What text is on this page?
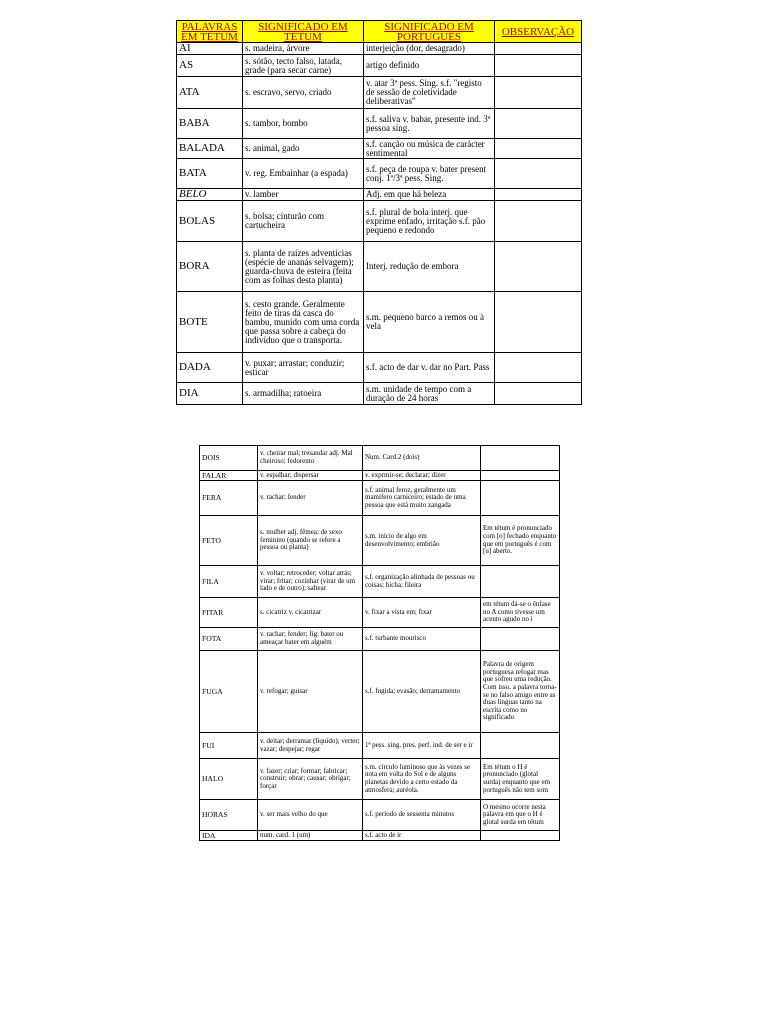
PALAVRAS EM TÉTUM	SIGNIFICADO EM TÉTUM	SIGNIFICADO EM PORTUGUÊS	OBSERVAÇÃO
AI	s. madeira, árvore	interjeição (dor, desagrado)	
AS	s. sótão, tecto falso, latada, grade (para secar carne)	artigo definido	
ATA	s. escravo, servo, criado	v. atar 3ª pess. Sing. s.f. "registo de sessão de coletividade deliberativas"	
BABA	s. tambor, bombo	s.f. saliva v. babar, presente ind. 3ª pessoa sing.	
BALADA	s. animal, gado	s.f. canção ou música de carácter sentimental	
BATA	v. reg. Embainhar (a espada)	s.f. peça de roupa v. bater present conj. 1ª/3ª pess. Sing.	
BELO	v. lamber	Adj. em que há beleza	
BOLAS	s. bolsa; cinturão com cartucheira	s.f. plural de bola interj. que exprime enfado, irritação s.f. pão pequeno e redondo	
BORA	s. planta de raízes adventícias (espécie de ananás selvagem); guarda-chuva de esteira (feita com as folhas desta planta)	Interj. redução de embora	
BOTE	s. cesto grande. Geralmente feito de tiras da casca do bambu, munido com uma corda que passa sobre a cabeça do indivíduo que o transporta.	s.m. pequeno barco a remos ou à vela	
DADA	v. puxar; arrastar; conduzir; esticar	s.f. acto de dar v. dar no Part. Pass	
DIA	s. armadilha; ratoeira	s.m. unidade de tempo com a duração de 24 horas	
DOIS	v. cheirar mal; tresandar adj. Mal cheiroso; fedorento	Num. Card.2 (dois)	
FALAR	v. espalhar; dispersar	v. exprmir-se; declarar; dizer	
FERA	v. rachar; fender	s.f. animal feroz, geralmente um mamífero carniceiro; estado de uma pessoa que está muito zangada	
FETO	s. mulher adj. fêmea; de sexo feminino (quando se refere a pessoa ou planta)	s.m. início de algo em desenvolvimento; embrião	Em tétum é pronunciado com [o] fechado enquanto que em português é com [u] aberto.
FILA	v. voltar; retroceder; voltar atrás; virar; fritar; cozinhar (virar de um lado e de outro); saltear	s.f. organização alinhada de pessoas ou coisas; bicha; fileira	
FITAR	s. cicatriz v. cicatrizar	v. fixar a vista em; fixar	em tétum dá-se o ênfase no A como tivesse um acento agudo no i
FOTA	v. rachar; fender; fig. bater ou ameaçar bater em alguém	s.f. turbante mourisco	
FUGA	v. refogar; guisar	s.f. fugida; evasão; derramamento	Palavra de origem portuguesa refogar mas que sofreu uma redução. Com isso, a palavra torna-se no falso amigo entre as duas línguas tanto na escrita como no significado
FUI	v. deitar; derramar (líquido); verter; vazar; despejar; regar	1ª pess. sing. pres. perf. ind. de ser e ir	
HALO	v. fazer; criar; formar; fabricar; construir; obrar; causar; obrigar; forçar	s.m. círculo luminoso que às vezes se nota em volta do Sol e de alguns planetas devido a certo estado da atmosfera; auréola.	Em tétum o H é pronunciado (glotal surda) enquanto que em português não tem som
HORAS	v. ser mais velho do que	s.f. período de sessenta minutos	O mesmo ocorre nesta palavra em que o H é glotal surda em tétum
IDA	num. card. 1 (um)	s.f. acto de ir	
